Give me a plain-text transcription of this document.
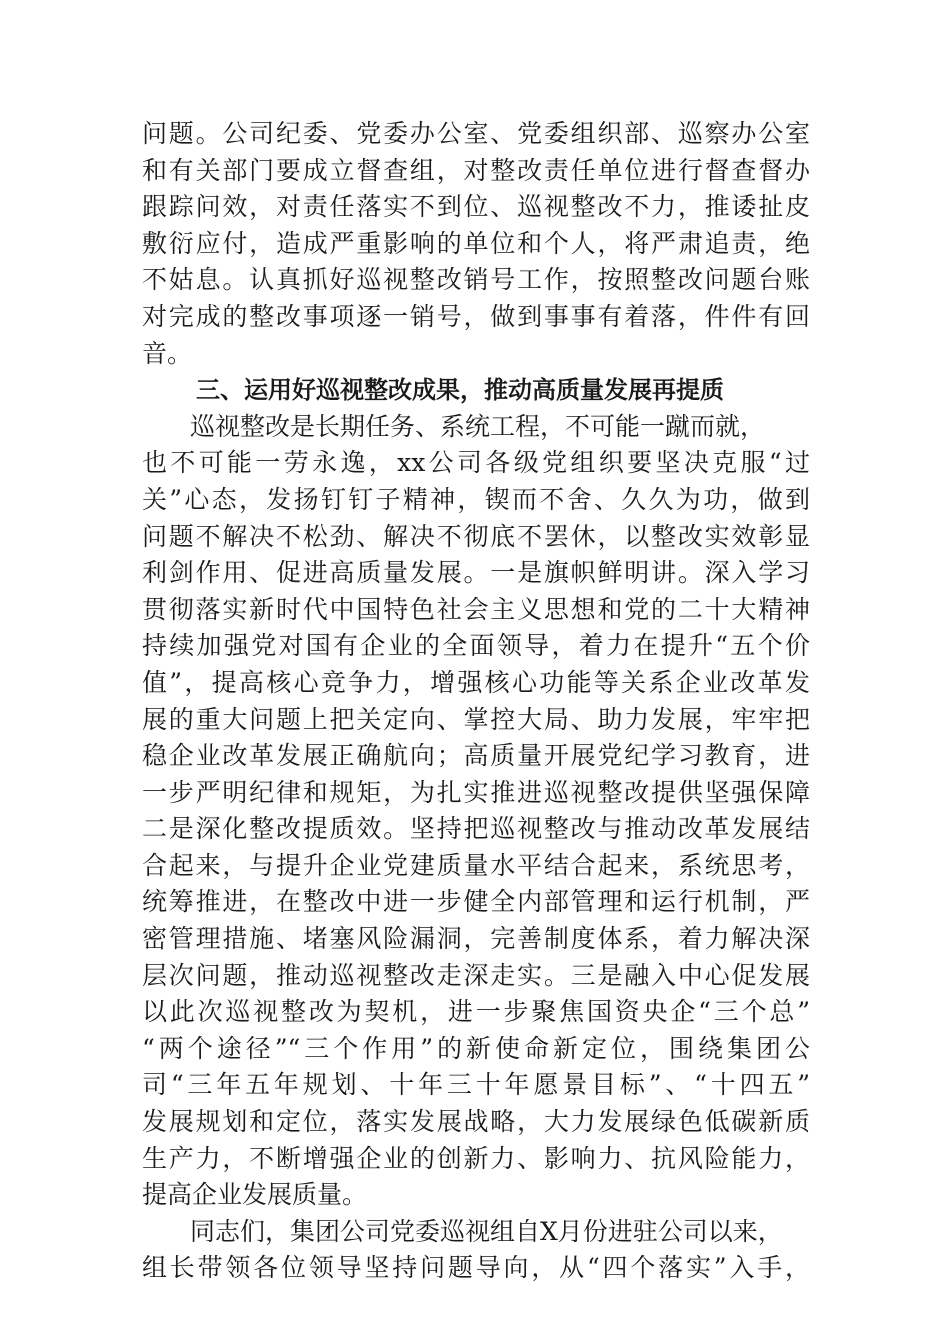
问题。公司纪委、党委办公室、党委组织部、巡察办公室
和有关部门要成立督查组，对整改责任单位进行督查督办
跟踪问效，对责任落实不到位、巡视整改不力，推诿扯皮
敷衍应付，造成严重影响的单位和个人，将严肃追责，绝
不姑息。认真抓好巡视整改销号工作，按照整改问题台账
对完成的整改事项逐一销号，做到事事有着落，件件有回
音。
三、运用好巡视整改成果，推动高质量发展再提质
巡视整改是长期任务、系统工程，不可能一蹴而就，
也不可能一劳永逸，xx公司各级党组织要坚决克服“过
关”心态，发扬钉钉子精神，锲而不舍、久久为功，做到
问题不解决不松劲、解决不彻底不罢休，以整改实效彰显
利剑作用、促进高质量发展。一是旗帜鲜明讲。深入学习
贯彻落实新时代中国特色社会主义思想和党的二十大精神
持续加强党对国有企业的全面领导，着力在提升“五个价
值”，提高核心竞争力，增强核心功能等关系企业改革发
展的重大问题上把关定向、掌控大局、助力发展，牢牢把
稳企业改革发展正确航向；高质量开展党纪学习教育，进
一步严明纪律和规矩，为扎实推进巡视整改提供坚强保障
二是深化整改提质效。坚持把巡视整改与推动改革发展结
合起来，与提升企业党建质量水平结合起来，系统思考，
统筹推进，在整改中进一步健全内部管理和运行机制，严
密管理措施、堵塞风险漏洞，完善制度体系，着力解决深
层次问题，推动巡视整改走深走实。三是融入中心促发展
以此次巡视整改为契机，进一步聚焦国资央企“三个总”
“两个途径”“三个作用”的新使命新定位，围绕集团公
司“三年五年规划、十年三十年愿景目标”、“十四五”
发展规划和定位，落实发展战略，大力发展绿色低碳新质
生产力，不断增强企业的创新力、影响力、抗风险能力，
提高企业发展质量。
同志们，集团公司党委巡视组自X月份进驻公司以来，
组长带领各位领导坚持问题导向，从“四个落实”入手，
